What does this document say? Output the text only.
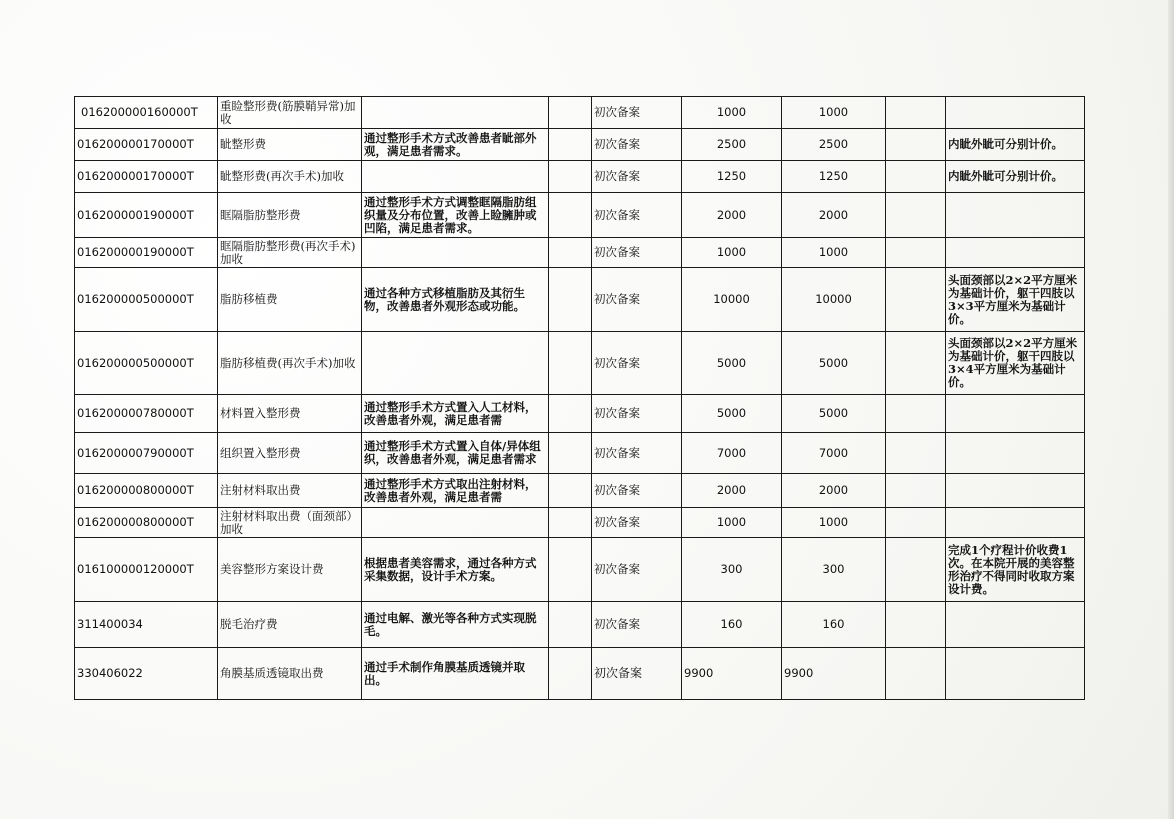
016200000160000T	重睑整形费(筋膜鞘异常)加收			初次备案	1000	1000		
016200000170000T	眦整形费	通过整形手术方式改善患者眦部外观，满足患者需求。		初次备案	2500	2500		内眦外眦可分别计价。
016200000170000T	眦整形费(再次手术)加收			初次备案	1250	1250		内眦外眦可分别计价。
016200000190000T	眶隔脂肪整形费	通过整形手术方式调整眶隔脂肪组织量及分布位置，改善上睑臃肿或凹陷，满足患者需求。		初次备案	2000	2000		
016200000190000T	眶隔脂肪整形费(再次手术)加收			初次备案	1000	1000		
016200000500000T	脂肪移植费	通过各种方式移植脂肪及其衍生物，改善患者外观形态或功能。		初次备案	10000	10000		头面颈部以2×2平方厘米为基础计价，躯干四肢以3×3平方厘米为基础计价。
016200000500000T	脂肪移植费(再次手术)加收			初次备案	5000	5000		头面颈部以2×2平方厘米为基础计价，躯干四肢以3×4平方厘米为基础计价。
016200000780000T	材料置入整形费	通过整形手术方式置入人工材料，改善患者外观，满足患者需		初次备案	5000	5000		
016200000790000T	组织置入整形费	通过整形手术方式置入自体/异体组织，改善患者外观，满足患者需求		初次备案	7000	7000		
016200000800000T	注射材料取出费	通过整形手术方式取出注射材料，改善患者外观，满足患者需		初次备案	2000	2000		
016200000800000T	注射材料取出费（面颈部）加收			初次备案	1000	1000		
016100000120000T	美容整形方案设计费	根据患者美容需求，通过各种方式采集数据，设计手术方案。		初次备案	300	300		完成1个疗程计价收费1次。在本院开展的美容整形治疗不得同时收取方案设计费。
311400034	脱毛治疗费	通过电解、激光等各种方式实现脱毛。		初次备案	160	160		
330406022	角膜基质透镜取出费	通过手术制作角膜基质透镜并取出。		初次备案	9900	9900		
